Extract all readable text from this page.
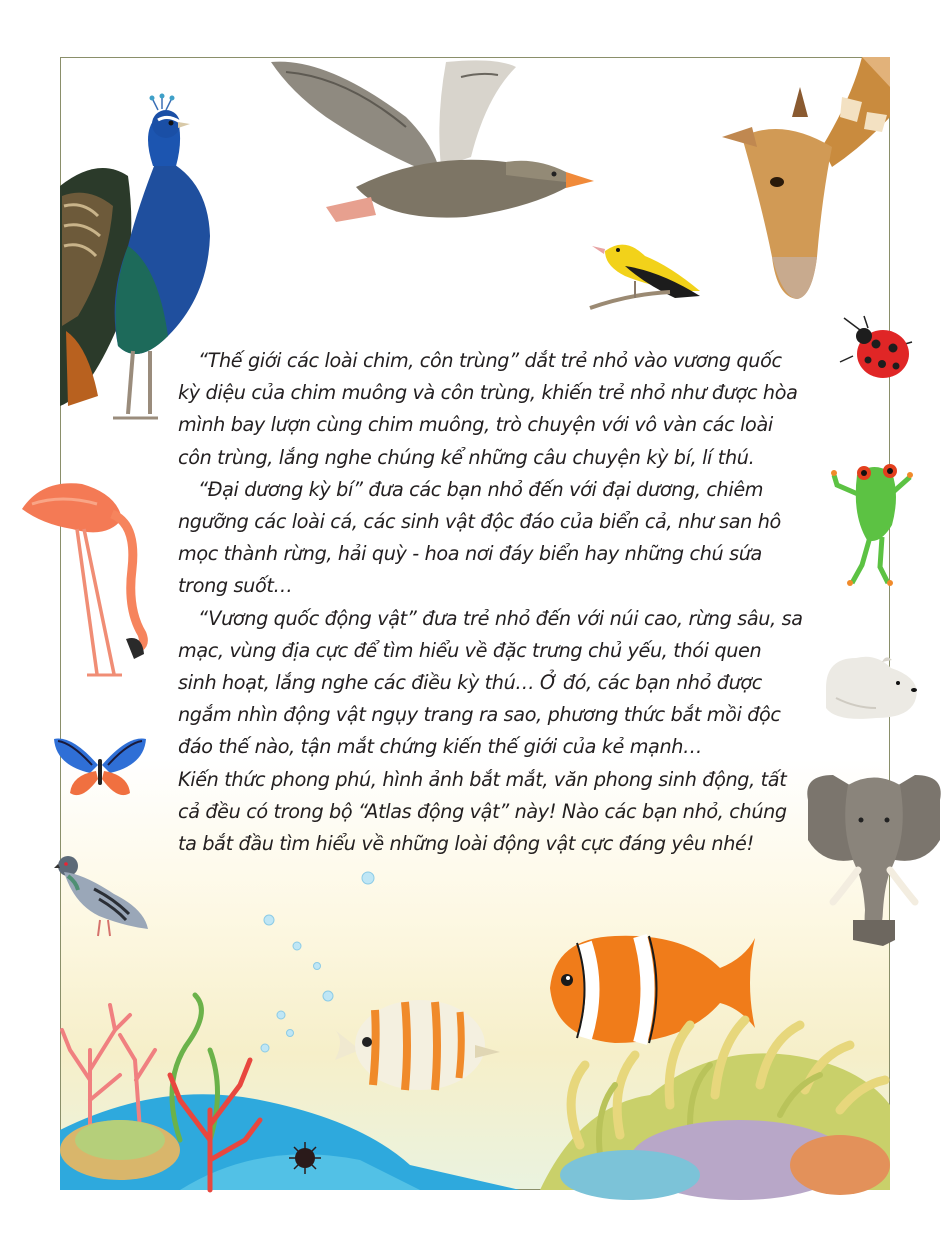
“Thế giới các loài chim, côn trùng” dắt trẻ nhỏ vào vương quốc kỳ diệu của chim muông và côn trùng, khiến trẻ nhỏ như được hòa mình bay lượn cùng chim muông, trò chuyện với vô vàn các loài côn trùng, lắng nghe chúng kể những câu chuyện kỳ bí, lí thú.

“Đại dương kỳ bí” đưa các bạn nhỏ đến với đại dương, chiêm ngưỡng các loài cá, các sinh vật độc đáo của biển cả, như san hô mọc thành rừng, hải quỳ - hoa nơi đáy biển hay những chú sứa trong suốt…

“Vương quốc động vật” đưa trẻ nhỏ đến với núi cao, rừng sâu, sa mạc, vùng địa cực để tìm hiểu về đặc trưng chủ yếu, thói quen sinh hoạt, lắng nghe các điều kỳ thú… Ở đó, các bạn nhỏ được ngắm nhìn động vật ngụy trang ra sao, phương thức bắt mồi độc đáo thế nào, tận mắt chứng kiến thế giới của kẻ mạnh…

Kiến thức phong phú, hình ảnh bắt mắt, văn phong sinh động, tất cả đều có trong bộ “Atlas động vật” này! Nào các bạn nhỏ, chúng ta bắt đầu tìm hiểu về những loài động vật cực đáng yêu nhé!
